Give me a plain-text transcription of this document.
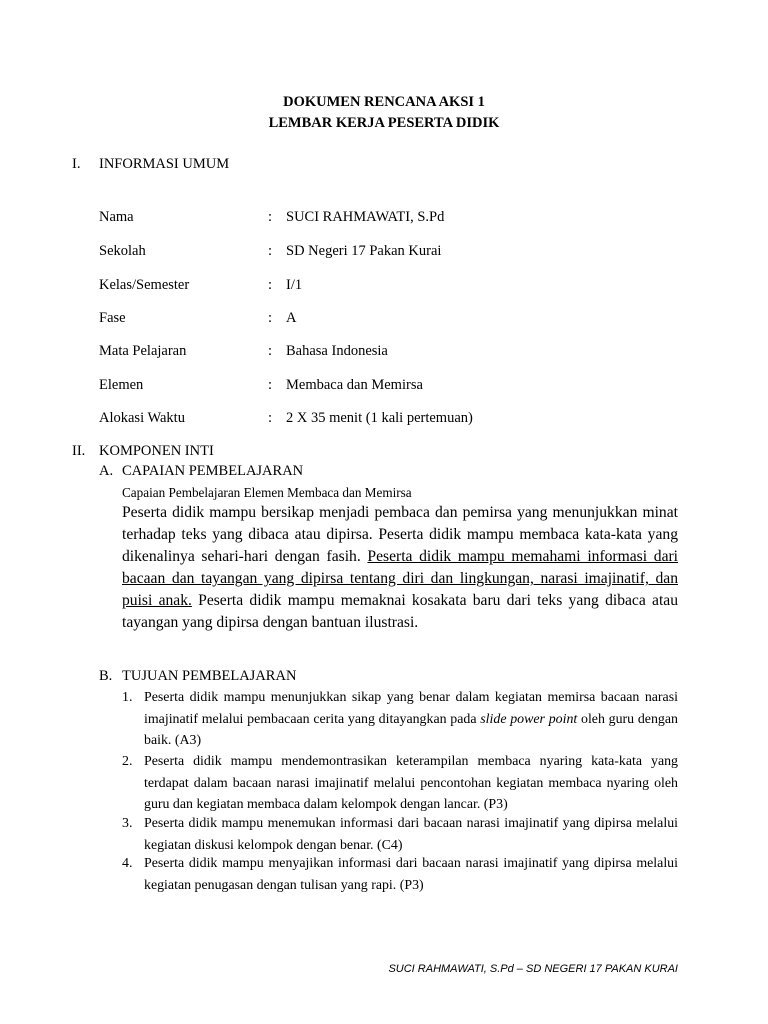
DOKUMEN RENCANA AKSI 1
LEMBAR KERJA PESERTA DIDIK
I. INFORMASI UMUM
Nama	: SUCI RAHMAWATI, S.Pd
Sekolah	: SD Negeri 17 Pakan Kurai
Kelas/Semester	: I/1
Fase	: A
Mata Pelajaran	: Bahasa Indonesia
Elemen	: Membaca dan Memirsa
Alokasi Waktu	: 2 X 35 menit (1 kali pertemuan)
II. KOMPONEN INTI
A. CAPAIAN PEMBELAJARAN
Capaian Pembelajaran Elemen Membaca dan Memirsa
Peserta didik mampu bersikap menjadi pembaca dan pemirsa yang menunjukkan minat terhadap teks yang dibaca atau dipirsa. Peserta didik mampu membaca kata-kata yang dikenalinya sehari-hari dengan fasih. Peserta didik mampu memahami informasi dari bacaan dan tayangan yang dipirsa tentang diri dan lingkungan, narasi imajinatif, dan puisi anak. Peserta didik mampu memaknai kosakata baru dari teks yang dibaca atau tayangan yang dipirsa dengan bantuan ilustrasi.
B. TUJUAN PEMBELAJARAN
1. Peserta didik mampu menunjukkan sikap yang benar dalam kegiatan memirsa bacaan narasi imajinatif melalui pembacaan cerita yang ditayangkan pada slide power point oleh guru dengan baik. (A3)
2. Peserta didik mampu mendemontrasikan keterampilan membaca nyaring kata-kata yang terdapat dalam bacaan narasi imajinatif melalui pencontohan kegiatan membaca nyaring oleh guru dan kegiatan membaca dalam kelompok dengan lancar. (P3)
3. Peserta didik mampu menemukan informasi dari bacaan narasi imajinatif yang dipirsa melalui kegiatan diskusi kelompok dengan benar. (C4)
4. Peserta didik mampu menyajikan informasi dari bacaan narasi imajinatif yang dipirsa melalui kegiatan penugasan dengan tulisan yang rapi. (P3)
SUCI RAHMAWATI, S.Pd – SD NEGERI 17 PAKAN KURAI
